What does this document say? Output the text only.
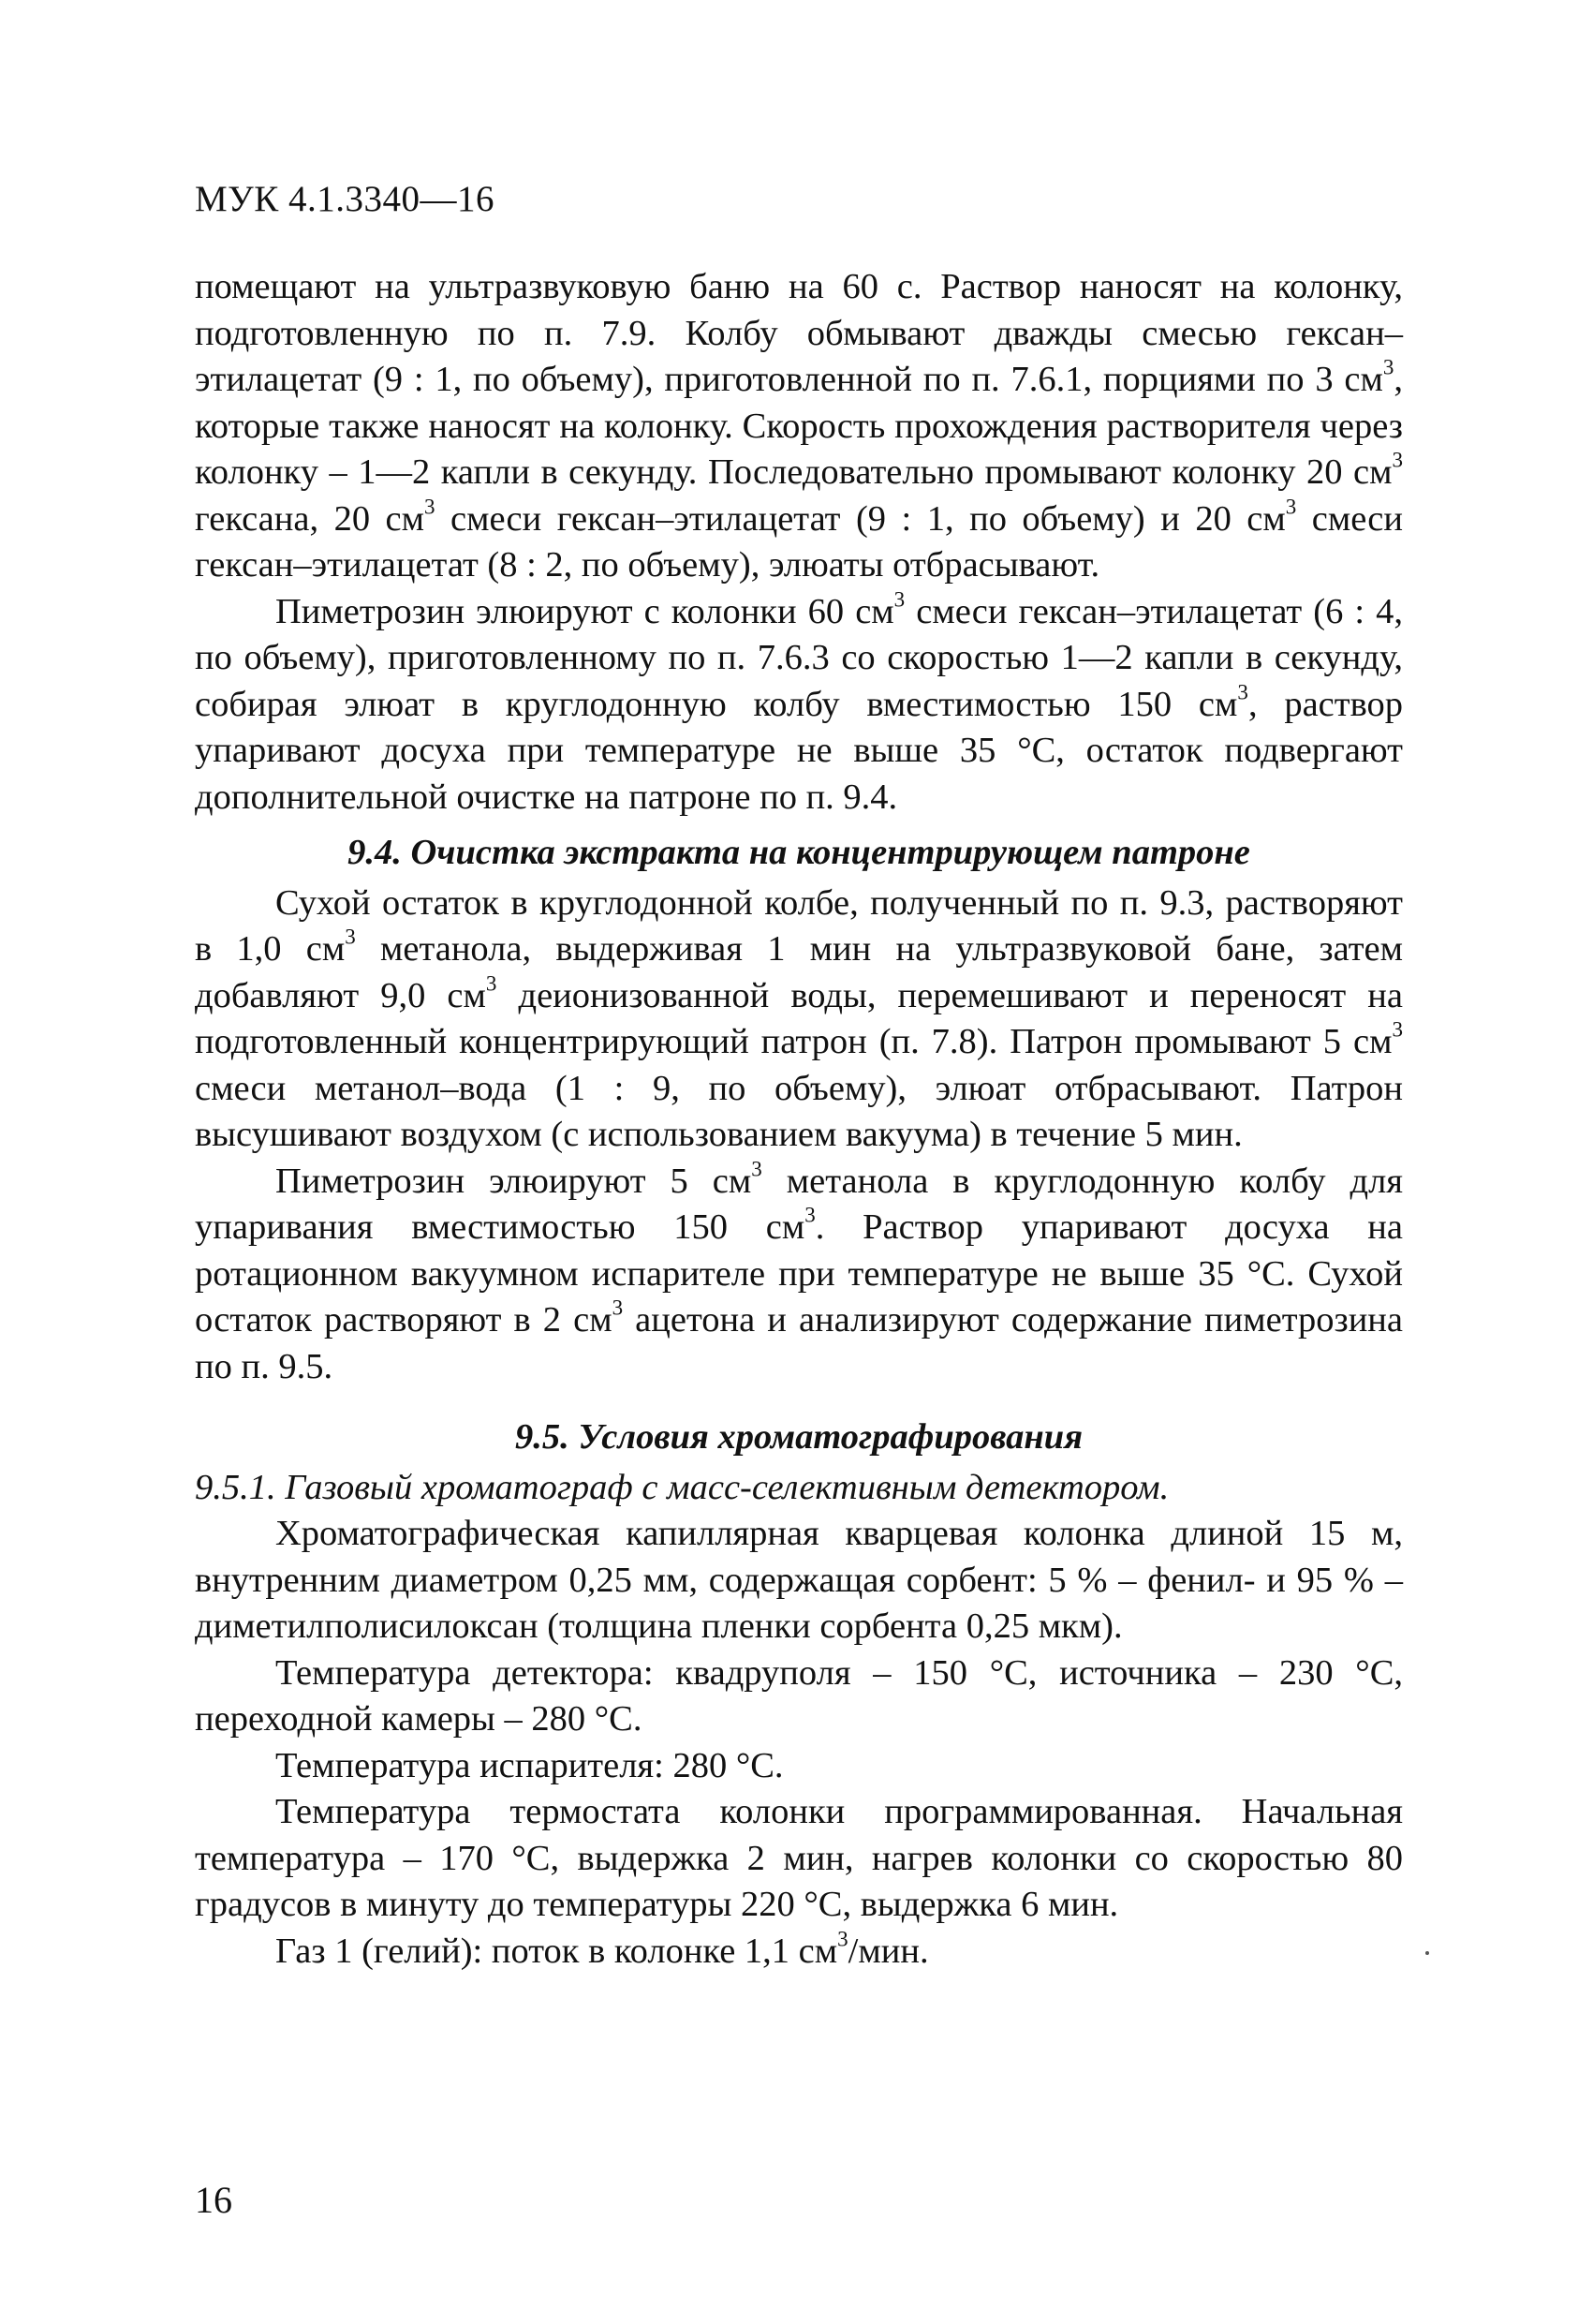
МУК 4.1.3340—16

помещают на ультразвуковую баню на 60 с. Раствор наносят на колонку, подготовленную по п. 7.9. Колбу обмывают дважды смесью гексан–этилацетат (9 : 1, по объему), приготовленной по п. 7.6.1, порциями по 3 $см^3$, которые также наносят на колонку. Скорость прохождения растворителя через колонку – 1—2 капли в секунду. Последовательно промывают колонку 20 $см^3$ гексана, 20 $см^3$ смеси гексан–этилацетат (9 : 1, по объему) и 20 $см^3$ смеси гексан–этилацетат (8 : 2, по объему), элюаты отбрасывают.

Пиметрозин элюируют с колонки 60 $см^3$ смеси гексан–этилацетат (6 : 4, по объему), приготовленному по п. 7.6.3 со скоростью 1—2 капли в секунду, собирая элюат в круглодонную колбу вместимостью 150 $см^3$, раствор упаривают досуха при температуре не выше 35 °С, остаток подвергают дополнительной очистке на патроне по п. 9.4.

9.4. Очистка экстракта на концентрирующем патроне

Сухой остаток в круглодонной колбе, полученный по п. 9.3, растворяют в 1,0 $см^3$ метанола, выдерживая 1 мин на ультразвуковой бане, затем добавляют 9,0 $см^3$ деионизованной воды, перемешивают и переносят на подготовленный концентрирующий патрон (п. 7.8). Патрон промывают 5 $см^3$ смеси метанол–вода (1 : 9, по объему), элюат отбрасывают. Патрон высушивают воздухом (с использованием вакуума) в течение 5 мин.

Пиметрозин элюируют 5 $см^3$ метанола в круглодонную колбу для упаривания вместимостью 150 $см^3$. Раствор упаривают досуха на ротационном вакуумном испарителе при температуре не выше 35 °С. Сухой остаток растворяют в 2 $см^3$ ацетона и анализируют содержание пиметрозина по п. 9.5.

9.5. Условия хроматографирования

9.5.1. Газовый хроматограф с масс-селективным детектором.

Хроматографическая капиллярная кварцевая колонка длиной 15 м, внутренним диаметром 0,25 мм, содержащая сорбент: 5 % – фенил- и 95 % – диметилполисилоксан (толщина пленки сорбента 0,25 мкм).

Температура детектора: квадруполя – 150 °С, источника – 230 °С, переходной камеры – 280 °С.

Температура испарителя: 280 °С.

Температура термостата колонки программированная. Начальная температура – 170 °С, выдержка 2 мин, нагрев колонки со скоростью 80 градусов в минуту до температуры 220 °С, выдержка 6 мин.

Газ 1 (гелий): поток в колонке 1,1 $см^3$/мин.

16
